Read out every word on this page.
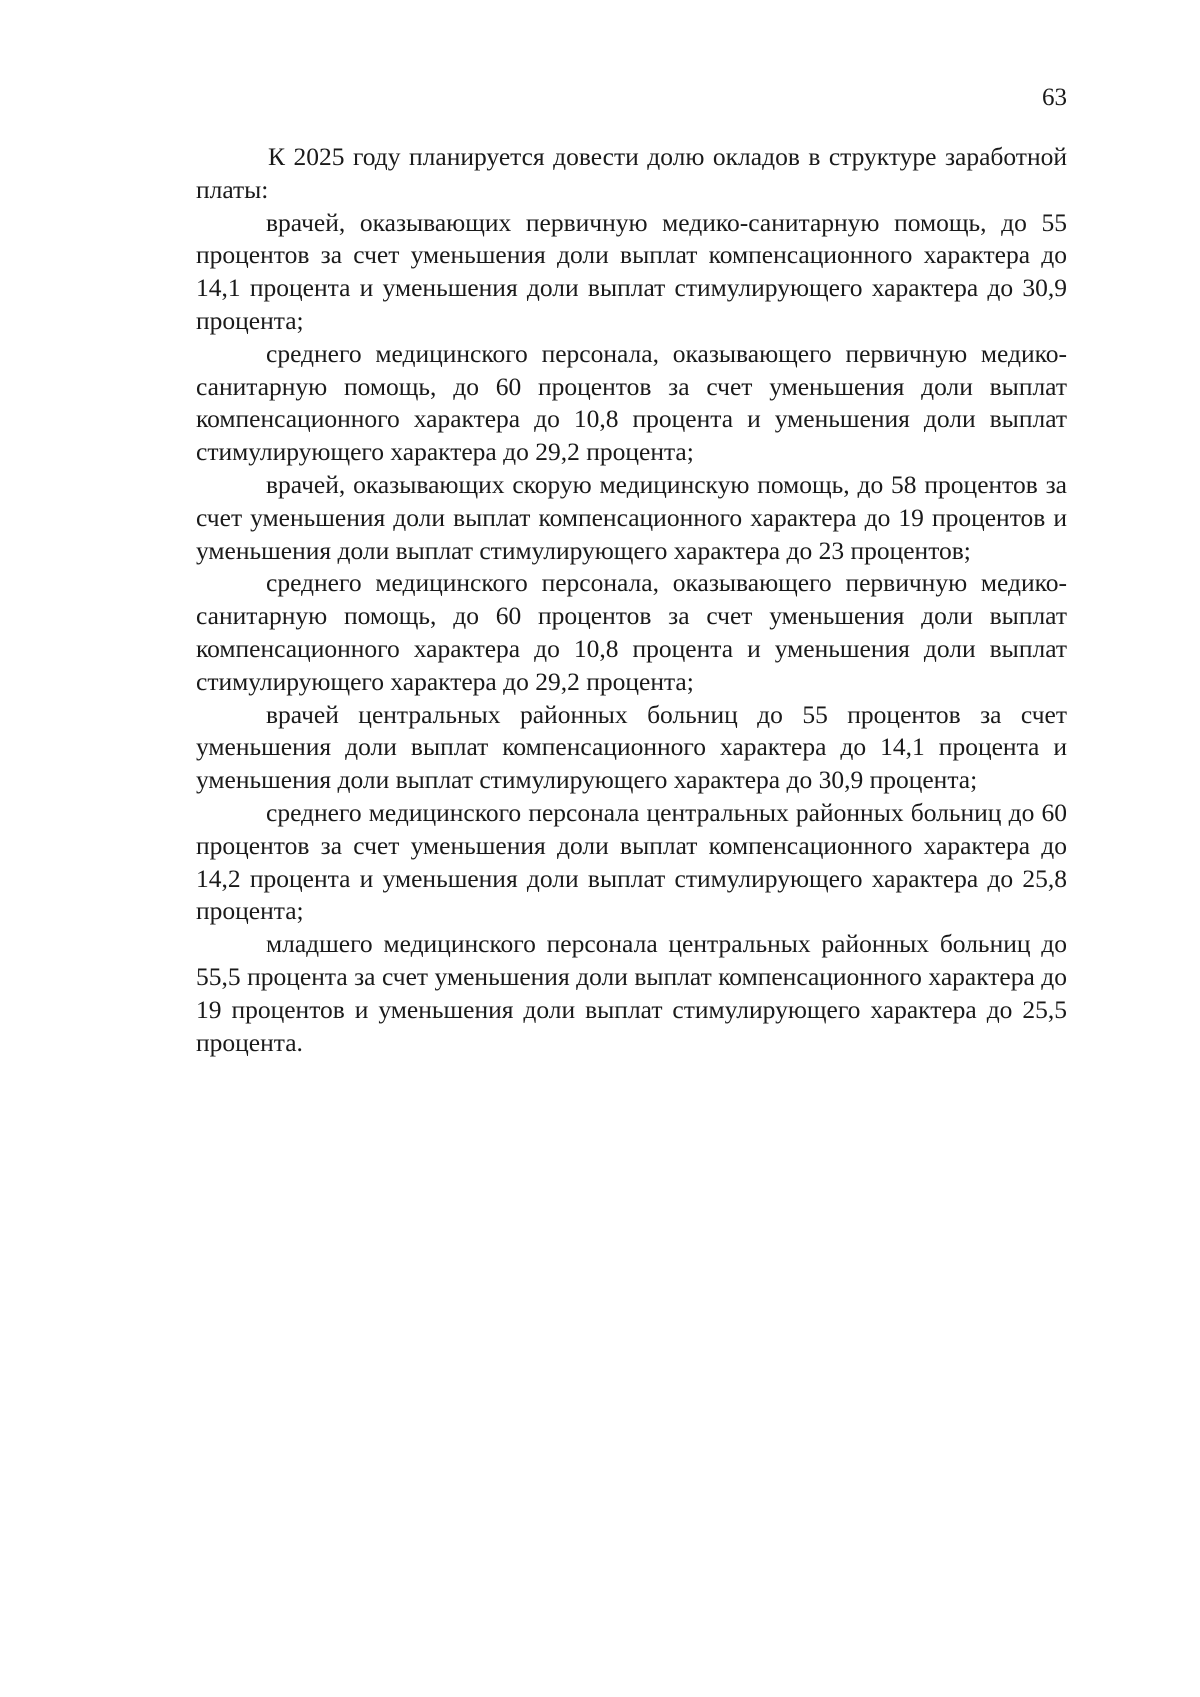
63

К 2025 году планируется довести долю окладов в структуре заработной платы:

врачей, оказывающих первичную медико-санитарную помощь, до 55 процентов за счет уменьшения доли выплат компенсационного характера до 14,1 процента и уменьшения доли выплат стимулирующего характера до 30,9 процента;

среднего медицинского персонала, оказывающего первичную медико-санитарную помощь, до 60 процентов за счет уменьшения доли выплат компенсационного характера до 10,8 процента и уменьшения доли выплат стимулирующего характера до 29,2 процента;

врачей, оказывающих скорую медицинскую помощь, до 58 процентов за счет уменьшения доли выплат компенсационного характера до 19 процентов и уменьшения доли выплат стимулирующего характера до 23 процентов;

среднего медицинского персонала, оказывающего первичную медико-санитарную помощь, до 60 процентов за счет уменьшения доли выплат компенсационного характера до 10,8 процента и уменьшения доли выплат стимулирующего характера до 29,2 процента;

врачей центральных районных больниц до 55 процентов за счет уменьшения доли выплат компенсационного характера до 14,1 процента и уменьшения доли выплат стимулирующего характера до 30,9 процента;

среднего медицинского персонала центральных районных больниц до 60 процентов за счет уменьшения доли выплат компенсационного характера до 14,2 процента и уменьшения доли выплат стимулирующего характера до 25,8 процента;

младшего медицинского персонала центральных районных больниц до 55,5 процента за счет уменьшения доли выплат компенсационного характера до 19 процентов и уменьшения доли выплат стимулирующего характера до 25,5 процента.
